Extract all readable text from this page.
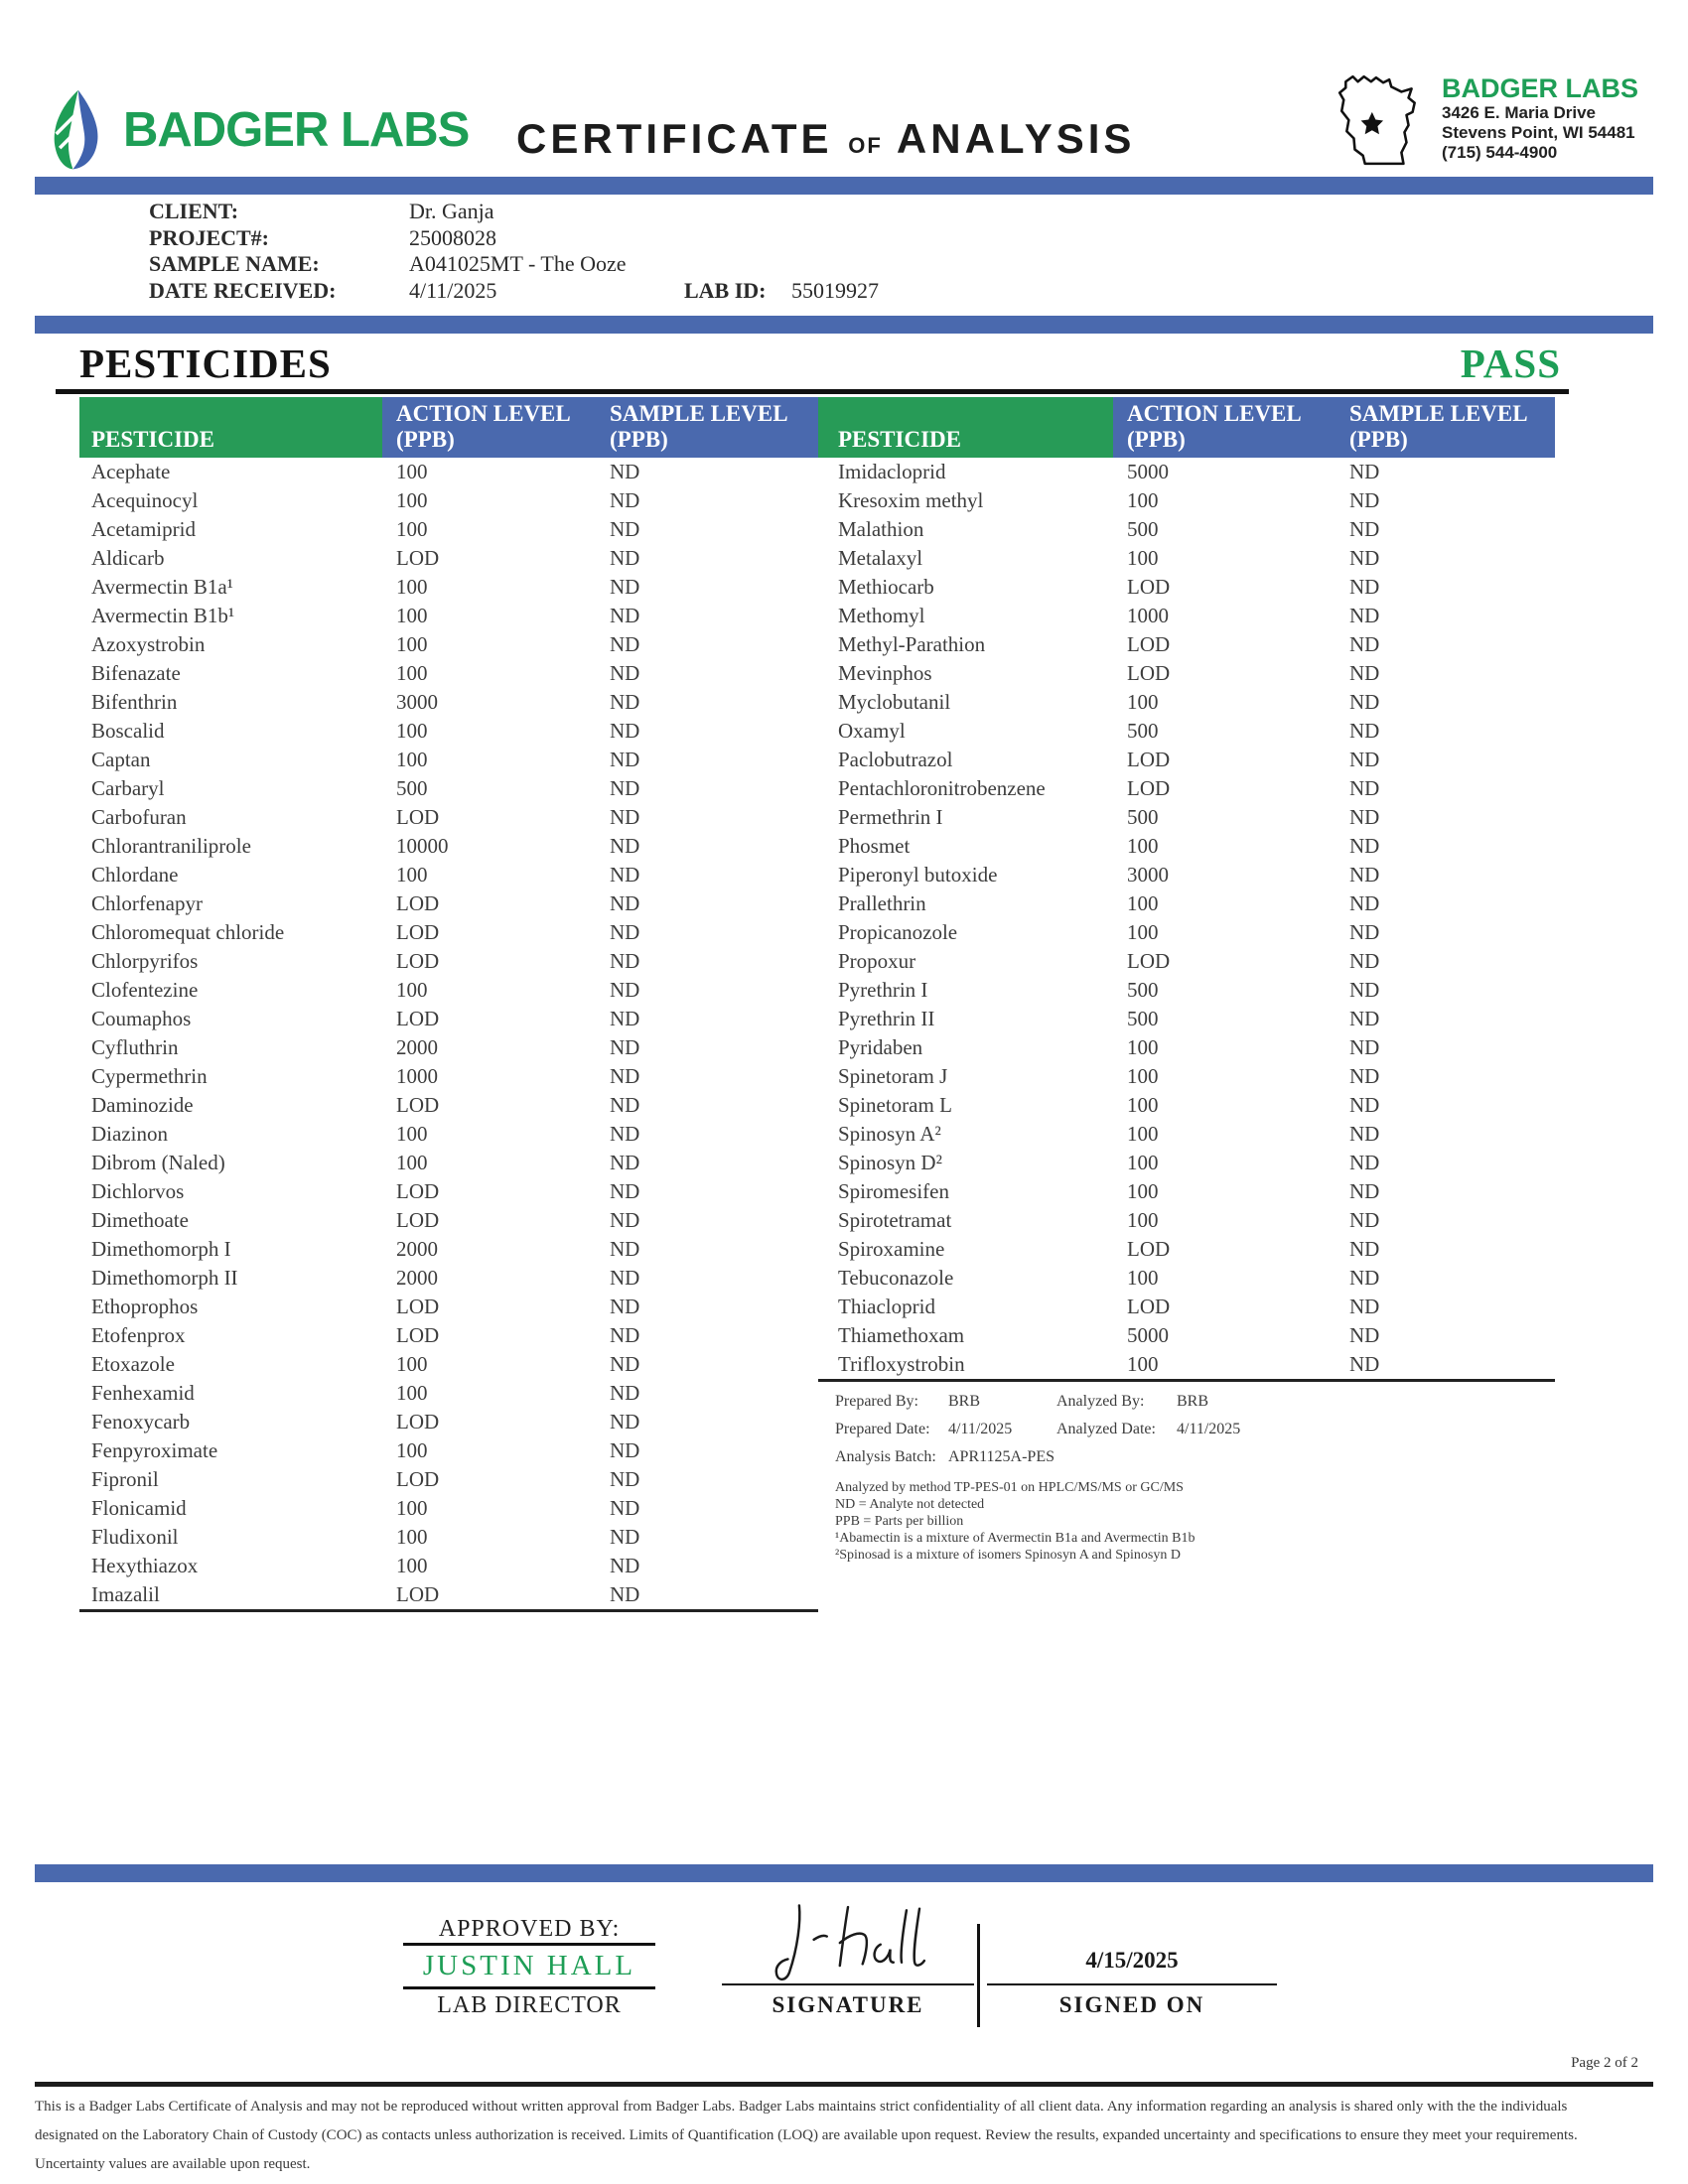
BADGER LABS CERTIFICATE of ANALYSIS
BADGER LABS
3426 E. Maria Drive
Stevens Point, WI 54481
(715) 544-4900
CLIENT:	Dr. Ganja
PROJECT#:	25008028
SAMPLE NAME:	A041025MT - The Ooze
DATE RECEIVED:	4/11/2025	LAB ID:	55019927
PESTICIDES	PASS
PESTICIDE

ACTION LEVEL
(PPB)

SAMPLE LEVEL
(PPB)

Acephate	100	ND
Acequinocyl	100	ND
Acetamiprid	100	ND
Aldicarb	LOD	ND
Avermectin B1a¹	100	ND
Avermectin B1b¹	100	ND
Azoxystrobin	100	ND
Bifenazate	100	ND
Bifenthrin	3000	ND
Boscalid	100	ND
Captan	100	ND
Carbaryl	500	ND
Carbofuran	LOD	ND
Chlorantraniliprole	10000	ND
Chlordane	100	ND
Chlorfenapyr	LOD	ND
Chloromequat chloride	LOD	ND
Chlorpyrifos	LOD	ND
Clofentezine	100	ND
Coumaphos	LOD	ND
Cyfluthrin	2000	ND
Cypermethrin	1000	ND
Daminozide	LOD	ND
Diazinon	100	ND
Dibrom (Naled)	100	ND
Dichlorvos	LOD	ND
Dimethoate	LOD	ND
Dimethomorph I	2000	ND
Dimethomorph II	2000	ND
Ethoprophos	LOD	ND
Etofenprox	LOD	ND
Etoxazole	100	ND
Fenhexamid	100	ND
Fenoxycarb	LOD	ND
Fenpyroximate	100	ND
Fipronil	LOD	ND
Flonicamid	100	ND
Fludixonil	100	ND
Hexythiazox	100	ND
Imazalil	LOD	ND
PESTICIDE

ACTION LEVEL
(PPB)

SAMPLE LEVEL
(PPB)

Imidacloprid	5000	ND
Kresoxim methyl	100	ND
Malathion	500	ND
Metalaxyl	100	ND
Methiocarb	LOD	ND
Methomyl	1000	ND
Methyl-Parathion	LOD	ND
Mevinphos	LOD	ND
Myclobutanil	100	ND
Oxamyl	500	ND
Paclobutrazol	LOD	ND
Pentachloronitrobenzene	LOD	ND
Permethrin I	500	ND
Phosmet	100	ND
Piperonyl butoxide	3000	ND
Prallethrin	100	ND
Propicanozole	100	ND
Propoxur	LOD	ND
Pyrethrin I	500	ND
Pyrethrin II	500	ND
Pyridaben	100	ND
Spinetoram J	100	ND
Spinetoram L	100	ND
Spinosyn A²	100	ND
Spinosyn D²	100	ND
Spiromesifen	100	ND
Spirotetramat	100	ND
Spiroxamine	LOD	ND
Tebuconazole	100	ND
Thiacloprid	LOD	ND
Thiamethoxam	5000	ND
Trifloxystrobin	100	ND
Prepared By:	BRB	Analyzed By:	BRB
Prepared Date:	4/11/2025	Analyzed Date:	4/11/2025
Analysis Batch: APR1125A-PES
Analyzed by method TP-PES-01 on HPLC/MS/MS or GC/MS
ND = Analyte not detected
PPB = Parts per billion
¹Abamectin is a mixture of Avermectin B1a and Avermectin B1b
²Spinosad is a mixture of isomers Spinosyn A and Spinosyn D
APPROVED BY:
JUSTIN HALL
LAB DIRECTOR	SIGNATURE
4/15/2025
SIGNED ON
Page 2 of 2
This is a Badger Labs Certificate of Analysis and may not be reproduced without written approval from Badger Labs. Badger Labs maintains strict confidentiality of all client data. Any information regarding an analysis is shared only with the the individuals designated on the Laboratory Chain of Custody (COC) as contacts unless authorization is received. Limits of Quantification (LOQ) are available upon request. Review the results, expanded uncertainty and specifications to ensure they meet your requirements. Uncertainty values are available upon request.
